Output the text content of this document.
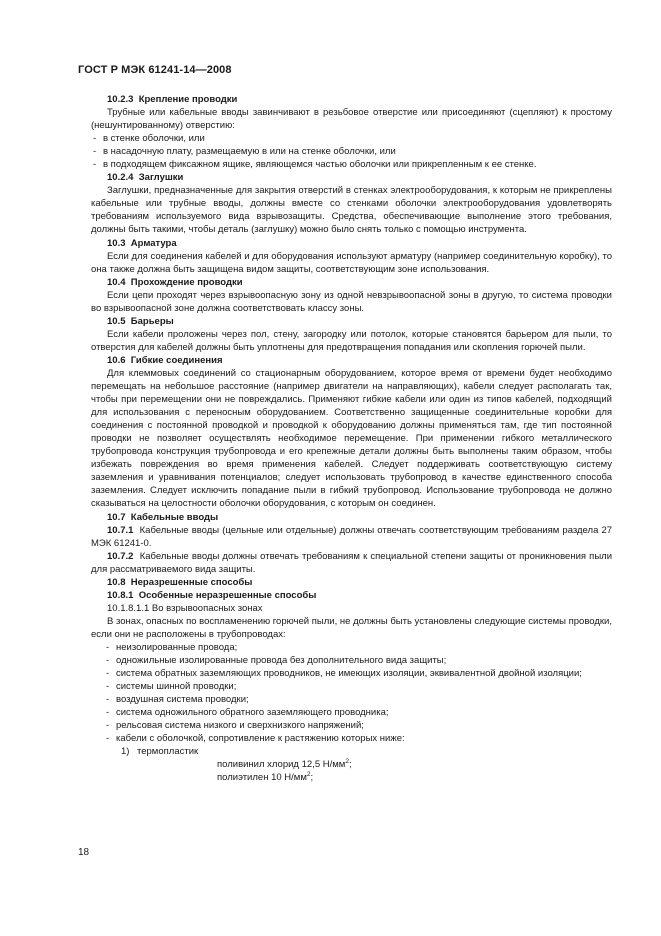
ГОСТ Р МЭК 61241-14—2008

10.2.3 Крепление проводки

Трубные или кабельные вводы завинчивают в резьбовое отверстие или присоединяют (сцепляют) к простому (нешунтированному) отверстию:

- в стенке оболочки, или

- в насадочную плату, размещаемую в или на стенке оболочки, или

- в подходящем фиксажном ящике, являющемся частью оболочки или прикрепленным к ее стенке.

10.2.4 Заглушки

Заглушки, предназначенные для закрытия отверстий в стенках электрооборудования, к которым не прикреплены кабельные или трубные вводы, должны вместе со стенками оболочки электрооборудования удовлетворять требованиям используемого вида взрывозащиты. Средства, обеспечивающие выполнение этого требования, должны быть такими, чтобы деталь (заглушку) можно было снять только с помощью инструмента.

10.3 Арматура

Если для соединения кабелей и для оборудования используют арматуру (например соединительную коробку), то она также должна быть защищена видом защиты, соответствующим зоне использования.

10.4 Прохождение проводки

Если цепи проходят через взрывоопасную зону из одной невзрывоопасной зоны в другую, то система проводки во взрывоопасной зоне должна соответствовать классу зоны.

10.5 Барьеры

Если кабели проложены через пол, стену, загородку или потолок, которые становятся барьером для пыли, то отверстия для кабелей должны быть уплотнены для предотвращения попадания или скопления горючей пыли.

10.6 Гибкие соединения

Для клеммовых соединений со стационарным оборудованием, которое время от времени будет необходимо перемещать на небольшое расстояние (например двигатели на направляющих), кабели следует располагать так, чтобы при перемещении они не повреждались. Применяют гибкие кабели или один из типов кабелей, подходящий для использования с переносным оборудованием. Соответственно защищенные соединительные коробки для соединения с постоянной проводкой и проводкой к оборудованию должны применяться там, где тип постоянной проводки не позволяет осуществлять необходимое перемещение. При применении гибкого металлического трубопровода конструкция трубопровода и его крепежные детали должны быть выполнены таким образом, чтобы избежать повреждения во время применения кабелей. Следует поддерживать соответствующую систему заземления и уравнивания потенциалов; следует использовать трубопровод в качестве единственного способа заземления. Следует исключить попадание пыли в гибкий трубопровод. Использование трубопровода не должно сказываться на целостности оболочки оборудования, с которым он соединен.

10.7 Кабельные вводы

10.7.1 Кабельные вводы (цельные или отдельные) должны отвечать соответствующим требованиям раздела 27 МЭК 61241-0.

10.7.2 Кабельные вводы должны отвечать требованиям к специальной степени защиты от проникновения пыли для рассматриваемого вида защиты.

10.8 Неразрешенные способы

10.8.1 Особенные неразрешенные способы

10.1.8.1.1 Во взрывоопасных зонах

В зонах, опасных по воспламенению горючей пыли, не должны быть установлены следующие системы проводки, если они не расположены в трубопроводах:

- неизолированные провода;

- одножильные изолированные провода без дополнительного вида защиты;

- система обратных заземляющих проводников, не имеющих изоляции, эквивалентной двойной изоляции;

- системы шинной проводки;

- воздушная система проводки;

- система одножильного обратного заземляющего проводника;

- рельсовая система низкого и сверхнизкого напряжений;

- кабели с оболочкой, сопротивление к растяжению которых ниже:

1) термопластик

поливинил хлорид 12,5 $Н/мм^2$;

полиэтилен 10 $Н/мм^2$;

18
